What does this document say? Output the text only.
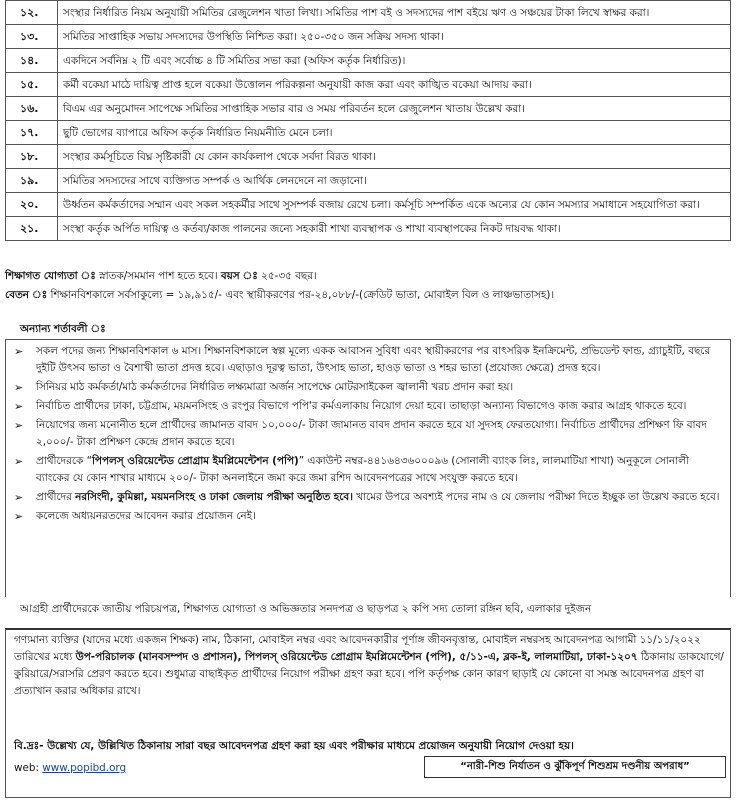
১২.	সংস্থার নির্ধারিত নিয়ম অনুযায়ী সমিতির রেজুলেশন খাতা লিখা। সমিতির পাশ বই ও সদস্যদের পাশ বইয়ে ঋণ ও সঞ্চয়ের টাকা লিখে স্বাক্ষর করা।
১৩.	সমিতির সাপ্তাহিক সভায় সদস্যদের উপস্থিতি নিশ্চিত করা। ২৫০-৩৫০ জন সক্রিয় সদস্য থাকা।
১৪.	একদিনে সর্বনিম্ন ২ টি এবং সর্বোচ্চ ৪ টি সমিতির সভা করা (অফিস কর্তৃক নির্ধারিত)।
১৫.	কর্মী বকেয়া মাঠে দায়িত্ব প্রাপ্ত হলে বকেয়া উত্তোলন পরিকল্পনা অনুযায়ী কাজ করা এবং কাঙ্খিত বকেয়া আদায় করা।
১৬.	বিএম এর অনুমোদন সাপেক্ষে সমিতির সাপ্তাহিক সভার বার ও সময় পরিবর্তন হলে রেজুলেশন খাতায় উল্লেখ করা।
১৭.	ছুটি ভোগের ব্যাপারে অফিস কর্তৃক নির্ধারিত নিয়মনীতি মেনে চলা।
১৮.	সংস্থার কর্মসূচিতে বিঘ্ন সৃষ্টিকারী যে কোন কার্যকলাপ থেকে সর্বদা বিরত থাকা।
১৯.	সমিতির সদস্যদের সাথে ব্যক্তিগত সম্পর্ক ও আর্থিক লেনদেনে না জড়ানো।
২০.	উর্ধ্বতন কর্মকর্তাদের সম্মান এবং সকল সহকর্মীর সাথে সুসম্পর্ক বজায় রেখে চলা। কর্মসূচি সম্পর্কিত একে অন্যের যে কোন সমস্যার সমাধানে সহযোগিতা করা।
২১.	সংস্থা কর্তৃক অর্পিত দায়িত্ব ও কর্তব্য/কাজ পালনের জন্যে সহকারী শাখা ব্যবস্থাপক ও শাখা ব্যবস্থাপকের নিকট দায়বদ্ধ থাকা।
শিক্ষাগত যোগ্যতা ঃ স্নাতক/সমমান পাশ হতে হবে। বয়স ঃ ২৫-৩৫ বছর।
বেতন ঃ শিক্ষানবিশকালে সর্বসাকুল্যে = ১৯,৯১৫/- এবং স্থায়ীকরণের পর-২৪,০৮৮/-(ক্রেডিট ভাতা, মোবাইল বিল ও লাঞ্চভাতাসহ)।
অন্যান্য শর্তাবলী ঃ
➢ সকল পদের জন্য শিক্ষানবিশকাল ৬ মাস। শিক্ষানবিশকালে স্বল্প মূল্যে একক আবাসন সুবিধা এবং স্থায়ীকরণের পর বাৎসরিক ইনক্রিমেন্ট, প্রভিডেন্ট ফান্ড, গ্র্যাচুইটি, বছরে দুইটি উৎসব ভাতা ও বৈশাখী ভাতা প্রদত্ত হবে। এছাড়াও দূরত্ব ভাতা, উৎসাহ ভাতা, হাওড় ভাতা ও শহর ভাতা (প্রযোজ্য ক্ষেত্রে) প্রদত্ত হবে।
➢ সিনিয়র মাঠ কর্মকর্তা/মাঠ কর্মকর্তাদের নির্ধারিত লক্ষ্যমাত্রা অর্জন সাপেক্ষে মোটরসাইকেল জ্বালানী খরচ প্রদান করা হয়।
➢ নির্বাচিত প্রার্থীদের ঢাকা, চট্টগ্রাম, ময়মনসিংহ ও রংপুর বিভাগে পপি'র কর্মএলাকায় নিয়োগ দেয়া হবে। তাছাড়া অন্যান্য বিভাগেও কাজ করার আগ্রহ থাকতে হবে।
➢ নিয়োগের জন্য মনোনীত হলে প্রার্থীদের জামানত বাবদ ১০,০০০/- টাকা জামানত বাবদ প্রদান করতে হবে যা সুদসহ ফেরতযোগ্য। নির্বাচিত প্রার্থীদের প্রশিক্ষণ ফি বাবদ ২,০০০/- টাকা প্রশিক্ষণ কেন্দ্রে প্রদান করতে হবে।
➢ প্রার্থীদেরকে “পিপলস্ ওরিয়েন্টেড প্রোগ্রাম ইমপ্লিমেন্টেশন (পপি)” একাউন্ট নম্বর-৪৪১৬৪৩৬০০০৯৬ (সোনালী ব্যাংক লিঃ, লালমাটিয়া শাখা) অনুকূলে সোনালী ব্যাংকের যে কোন শাখার মাধ্যমে ২০০/- টাকা অনলাইনে জমা করে জমা রশিদ আবেদনপত্রের সাথে সংযুক্ত করতে হবে।
➢ প্রার্থীদের নরসিংদী, কুমিল্লা, ময়মনসিংহ ও ঢাকা জেলায় পরীক্ষা অনুষ্ঠিত হবে। খামের উপরে অবশ্যই পদের নাম ও যে জেলায় পরীক্ষা দিতে ইচ্ছুক তা উল্লেখ করতে হবে।
➢ কলেজে অধ্যয়নরতদের আবেদন করার প্রয়োজন নেই।
আগ্রহী প্রার্থীদেরকে জাতীয় পরিচয়পত্র, শিক্ষাগত যোগ্যতা ও অভিজ্ঞতার সনদপত্র ও ছাড়পত্র ২ কপি সদ্য তোলা রঙ্গিন ছবি, এলাকার দুইজন
গণ্যমান্য ব্যক্তির (যাদের মধ্যে একজন শিক্ষক) নাম, ঠিকানা, মোবাইল নম্বর এবং আবেদনকারীর পূর্ণাঙ্গ জীবনবৃত্তান্ত, মোবাইল নম্বরসহ আবেদনপত্র আগামী ১১/১১/২০২২ তারিখের মধ্যে উপ-পরিচালক (মানবসম্পদ ও প্রশাসন), পিপলস্ ওরিয়েন্টেড প্রোগ্রাম ইমপ্লিমেন্টেশন (পপি), ৫/১১-এ, ব্লক-ই, লালমাটিয়া, ঢাকা-১২০৭ ঠিকানায় ডাকযোগে/কুরিয়ারে/সরাসরি প্রেরণ করতে হবে। শুধুমাত্র বাছাইকৃত প্রার্থীদের নিয়োগ পরীক্ষা গ্রহণ করা হবে। পপি কর্তৃপক্ষ কোন কারণ ছাড়াই যে কোনো বা সমস্ত আবেদনপত্র গ্রহণ বা প্রত্যাখান করার অধিকার রাখে।
বি.দ্রঃ- উল্লেখ্য যে, উল্লিখিত ঠিকানায় সারা বছর আবেদনপত্র গ্রহণ করা হয় এবং পরীক্ষার মাধ্যমে প্রয়োজন অনুযায়ী নিয়োগ দেওয়া হয়।
web: www.popibd.org	“নারী-শিশু নির্যাতন ও ঝুঁকিপূর্ণ শিশুশ্রম দণ্ডনীয় অপরাধ”
